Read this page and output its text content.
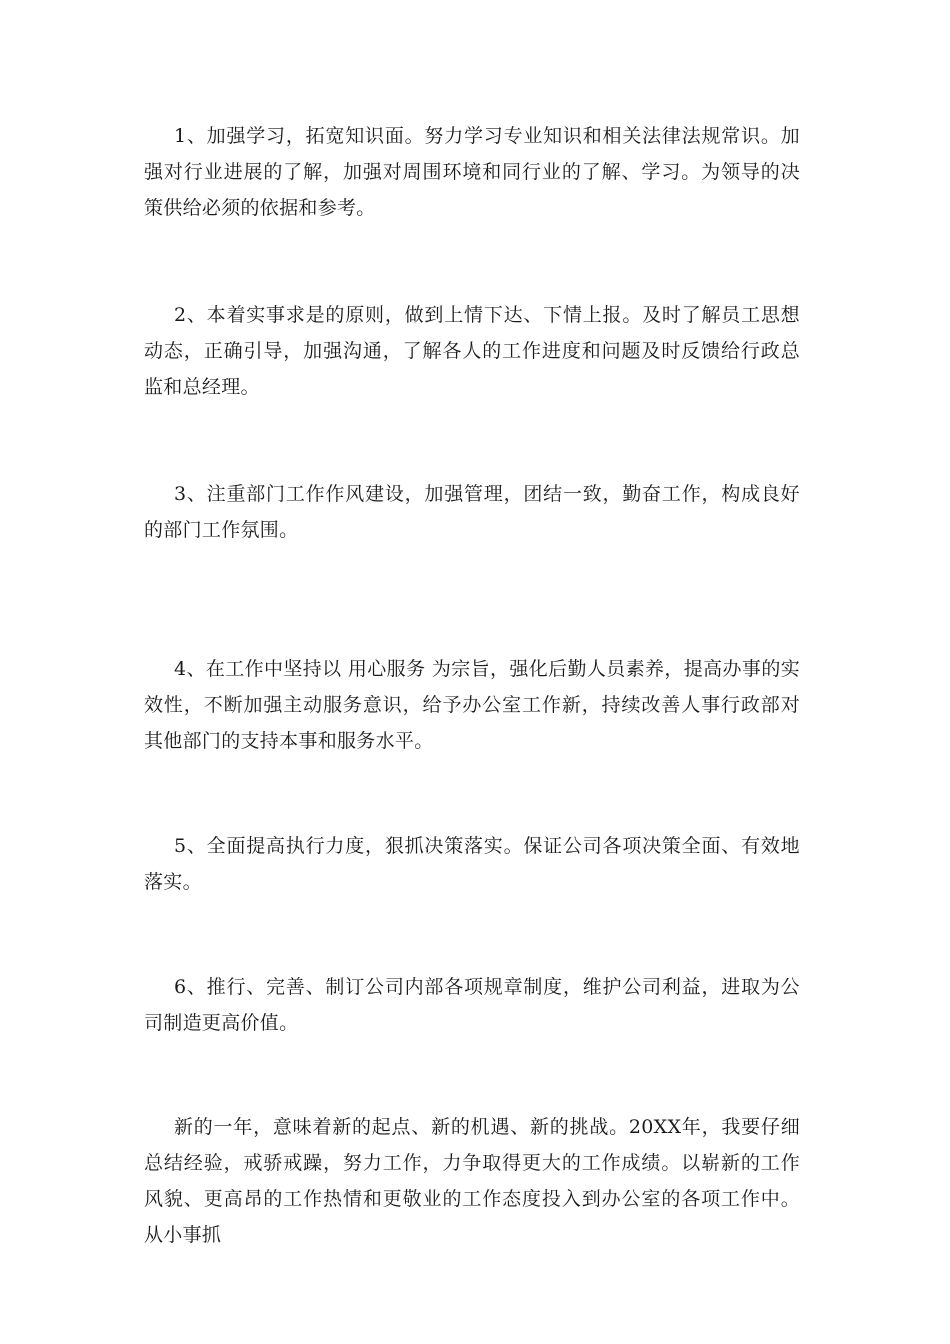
1、加强学习，拓宽知识面。努力学习专业知识和相关法律法规常识。加强对行业进展的了解，加强对周围环境和同行业的了解、学习。为领导的决策供给必须的依据和参考。

2、本着实事求是的原则，做到上情下达、下情上报。及时了解员工思想动态，正确引导，加强沟通，了解各人的工作进度和问题及时反馈给行政总监和总经理。

3、注重部门工作作风建设，加强管理，团结一致，勤奋工作，构成良好的部门工作氛围。

4、在工作中坚持以 用心服务 为宗旨，强化后勤人员素养，提高办事的实效性，不断加强主动服务意识，给予办公室工作新，持续改善人事行政部对其他部门的支持本事和服务水平。

5、全面提高执行力度，狠抓决策落实。保证公司各项决策全面、有效地落实。

6、推行、完善、制订公司内部各项规章制度，维护公司利益，进取为公司制造更高价值。

新的一年，意味着新的起点、新的机遇、新的挑战。20XX年，我要仔细总结经验，戒骄戒躁，努力工作，力争取得更大的工作成绩。以崭新的工作风貌、更高昂的工作热情和更敬业的工作态度投入到办公室的各项工作中。从小事抓
